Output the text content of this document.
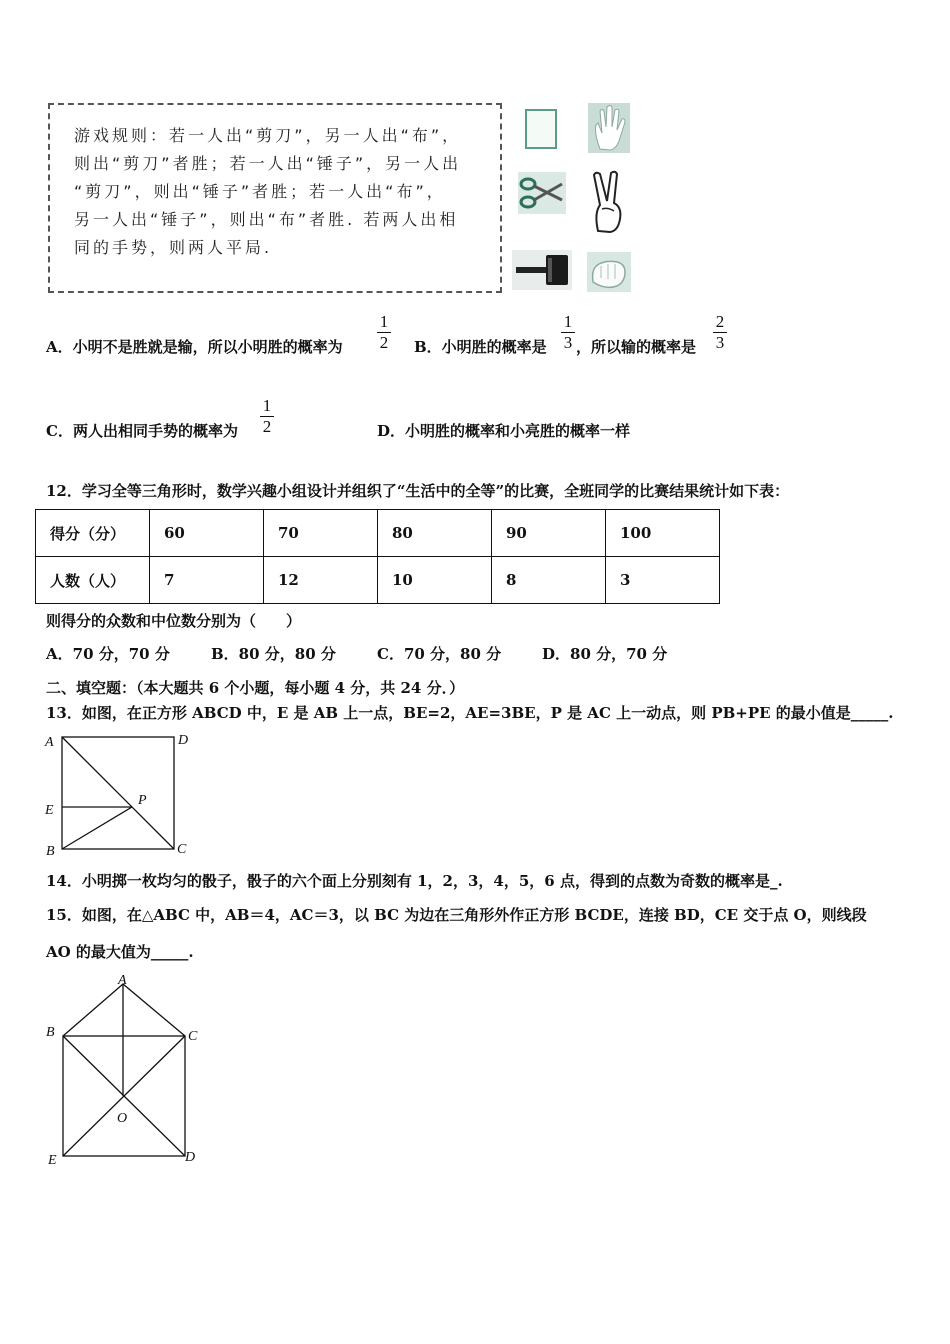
游戏规则：若一人出“剪刀”，另一人出“布”，
则出“剪刀”者胜；若一人出“锤子”，另一人出
“剪刀”，则出“锤子”者胜；若一人出“布”，
另一人出“锤子”，则出“布”者胜. 若两人出相
同的手势，则两人平局.
A．小明不是胜就是输，所以小明胜的概率为 $\frac{1}{2}$ B．小明胜的概率是 $\frac{1}{3}$ ，所以输的概率是 $\frac{2}{3}$
C．两人出相同手势的概率为 $\frac{1}{2}$	D．小明胜的概率和小亮胜的概率一样
12．学习全等三角形时，数学兴趣小组设计并组织了“生活中的全等”的比赛，全班同学的比赛结果统计如下表：
得分（分）	60	70	80	90	100
人数（人）	7	12	10	8	3
则得分的众数和中位数分别为（　　）
A．70 分，70 分	B．80 分，80 分	C．70 分，80 分	D．80 分，70 分
二、填空题：（本大题共 6 个小题，每小题 4 分，共 24 分．）
13．如图，在正方形 ABCD 中，E 是 AB 上一点，BE=2，AE=3BE，P 是 AC 上一动点，则 PB+PE 的最小值是_____.
A	D
E
P
B	C
14．小明掷一枚均匀的骰子，骰子的六个面上分别刻有 1，2，3，4，5，6 点，得到的点数为奇数的概率是_.
15．如图，在△ABC 中，AB＝4，AC＝3，以 BC 为边在三角形外作正方形 BCDE，连接 BD，CE 交于点 O，则线段
AO 的最大值为_____.
A
B	C
O
E	D
